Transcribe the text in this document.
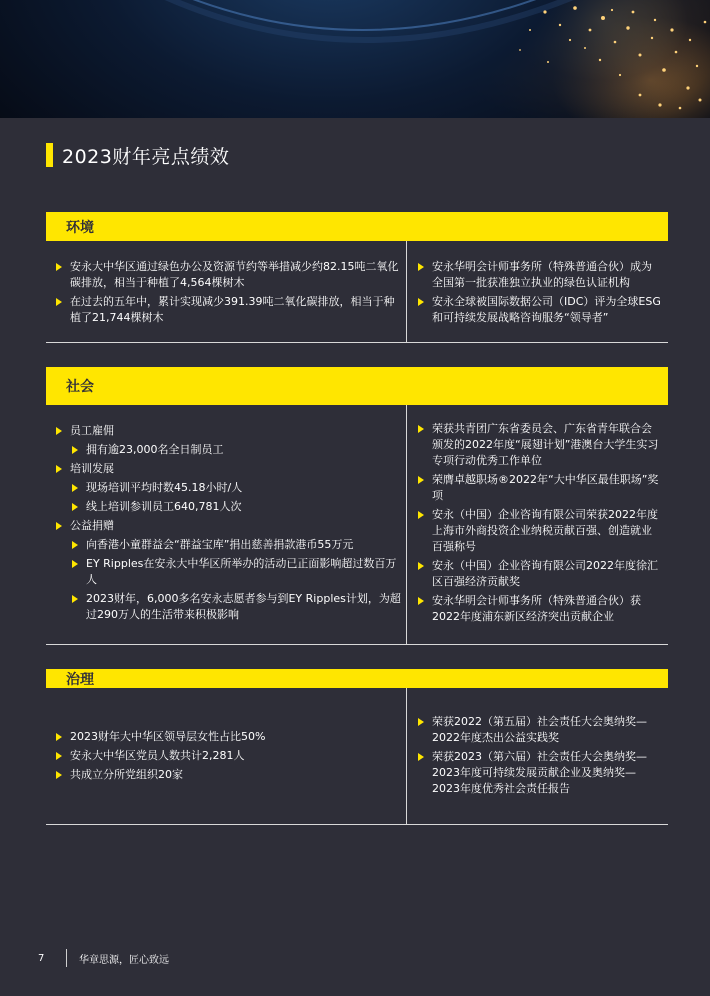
2023财年亮点绩效
环境
安永大中华区通过绿色办公及资源节约等举措减少约82.15吨二氧化碳排放，相当于种植了4,564棵树木
在过去的五年中，累计实现减少391.39吨二氧化碳排放，相当于种植了21,744棵树木
安永华明会计师事务所（特殊普通合伙）成为全国第一批获准独立执业的绿色认证机构
安永全球被国际数据公司（IDC）评为全球ESG和可持续发展战略咨询服务“领导者”
社会
员工雇佣
拥有逾23,000名全日制员工
培训发展
现场培训平均时数45.18小时/人
线上培训参训员工640,781人次
公益捐赠
向香港小童群益会“群益宝库”捐出慈善捐款港币55万元
EY Ripples在安永大中华区所举办的活动已正面影响超过数百万人
2023财年，6,000多名安永志愿者参与到EY Ripples计划，为超过290万人的生活带来积极影响
荣获共青团广东省委员会、广东省青年联合会颁发的2022年度“展翅计划”港澳台大学生实习专项行动优秀工作单位
荣膺卓越职场®2022年“大中华区最佳职场”奖项
安永（中国）企业咨询有限公司荣获2022年度上海市外商投资企业纳税贡献百强、创造就业百强称号
安永（中国）企业咨询有限公司2022年度徐汇区百强经济贡献奖
安永华明会计师事务所（特殊普通合伙）获2022年度浦东新区经济突出贡献企业
治理
2023财年大中华区领导层女性占比50%
安永大中华区党员人数共计2,281人
共成立分所党组织20家
荣获2022（第五届）社会责任大会奥纳奖—2022年度杰出公益实践奖
荣获2023（第六届）社会责任大会奥纳奖—2023年度可持续发展贡献企业及奥纳奖—2023年度优秀社会责任报告
7	华章思源，匠心致远
